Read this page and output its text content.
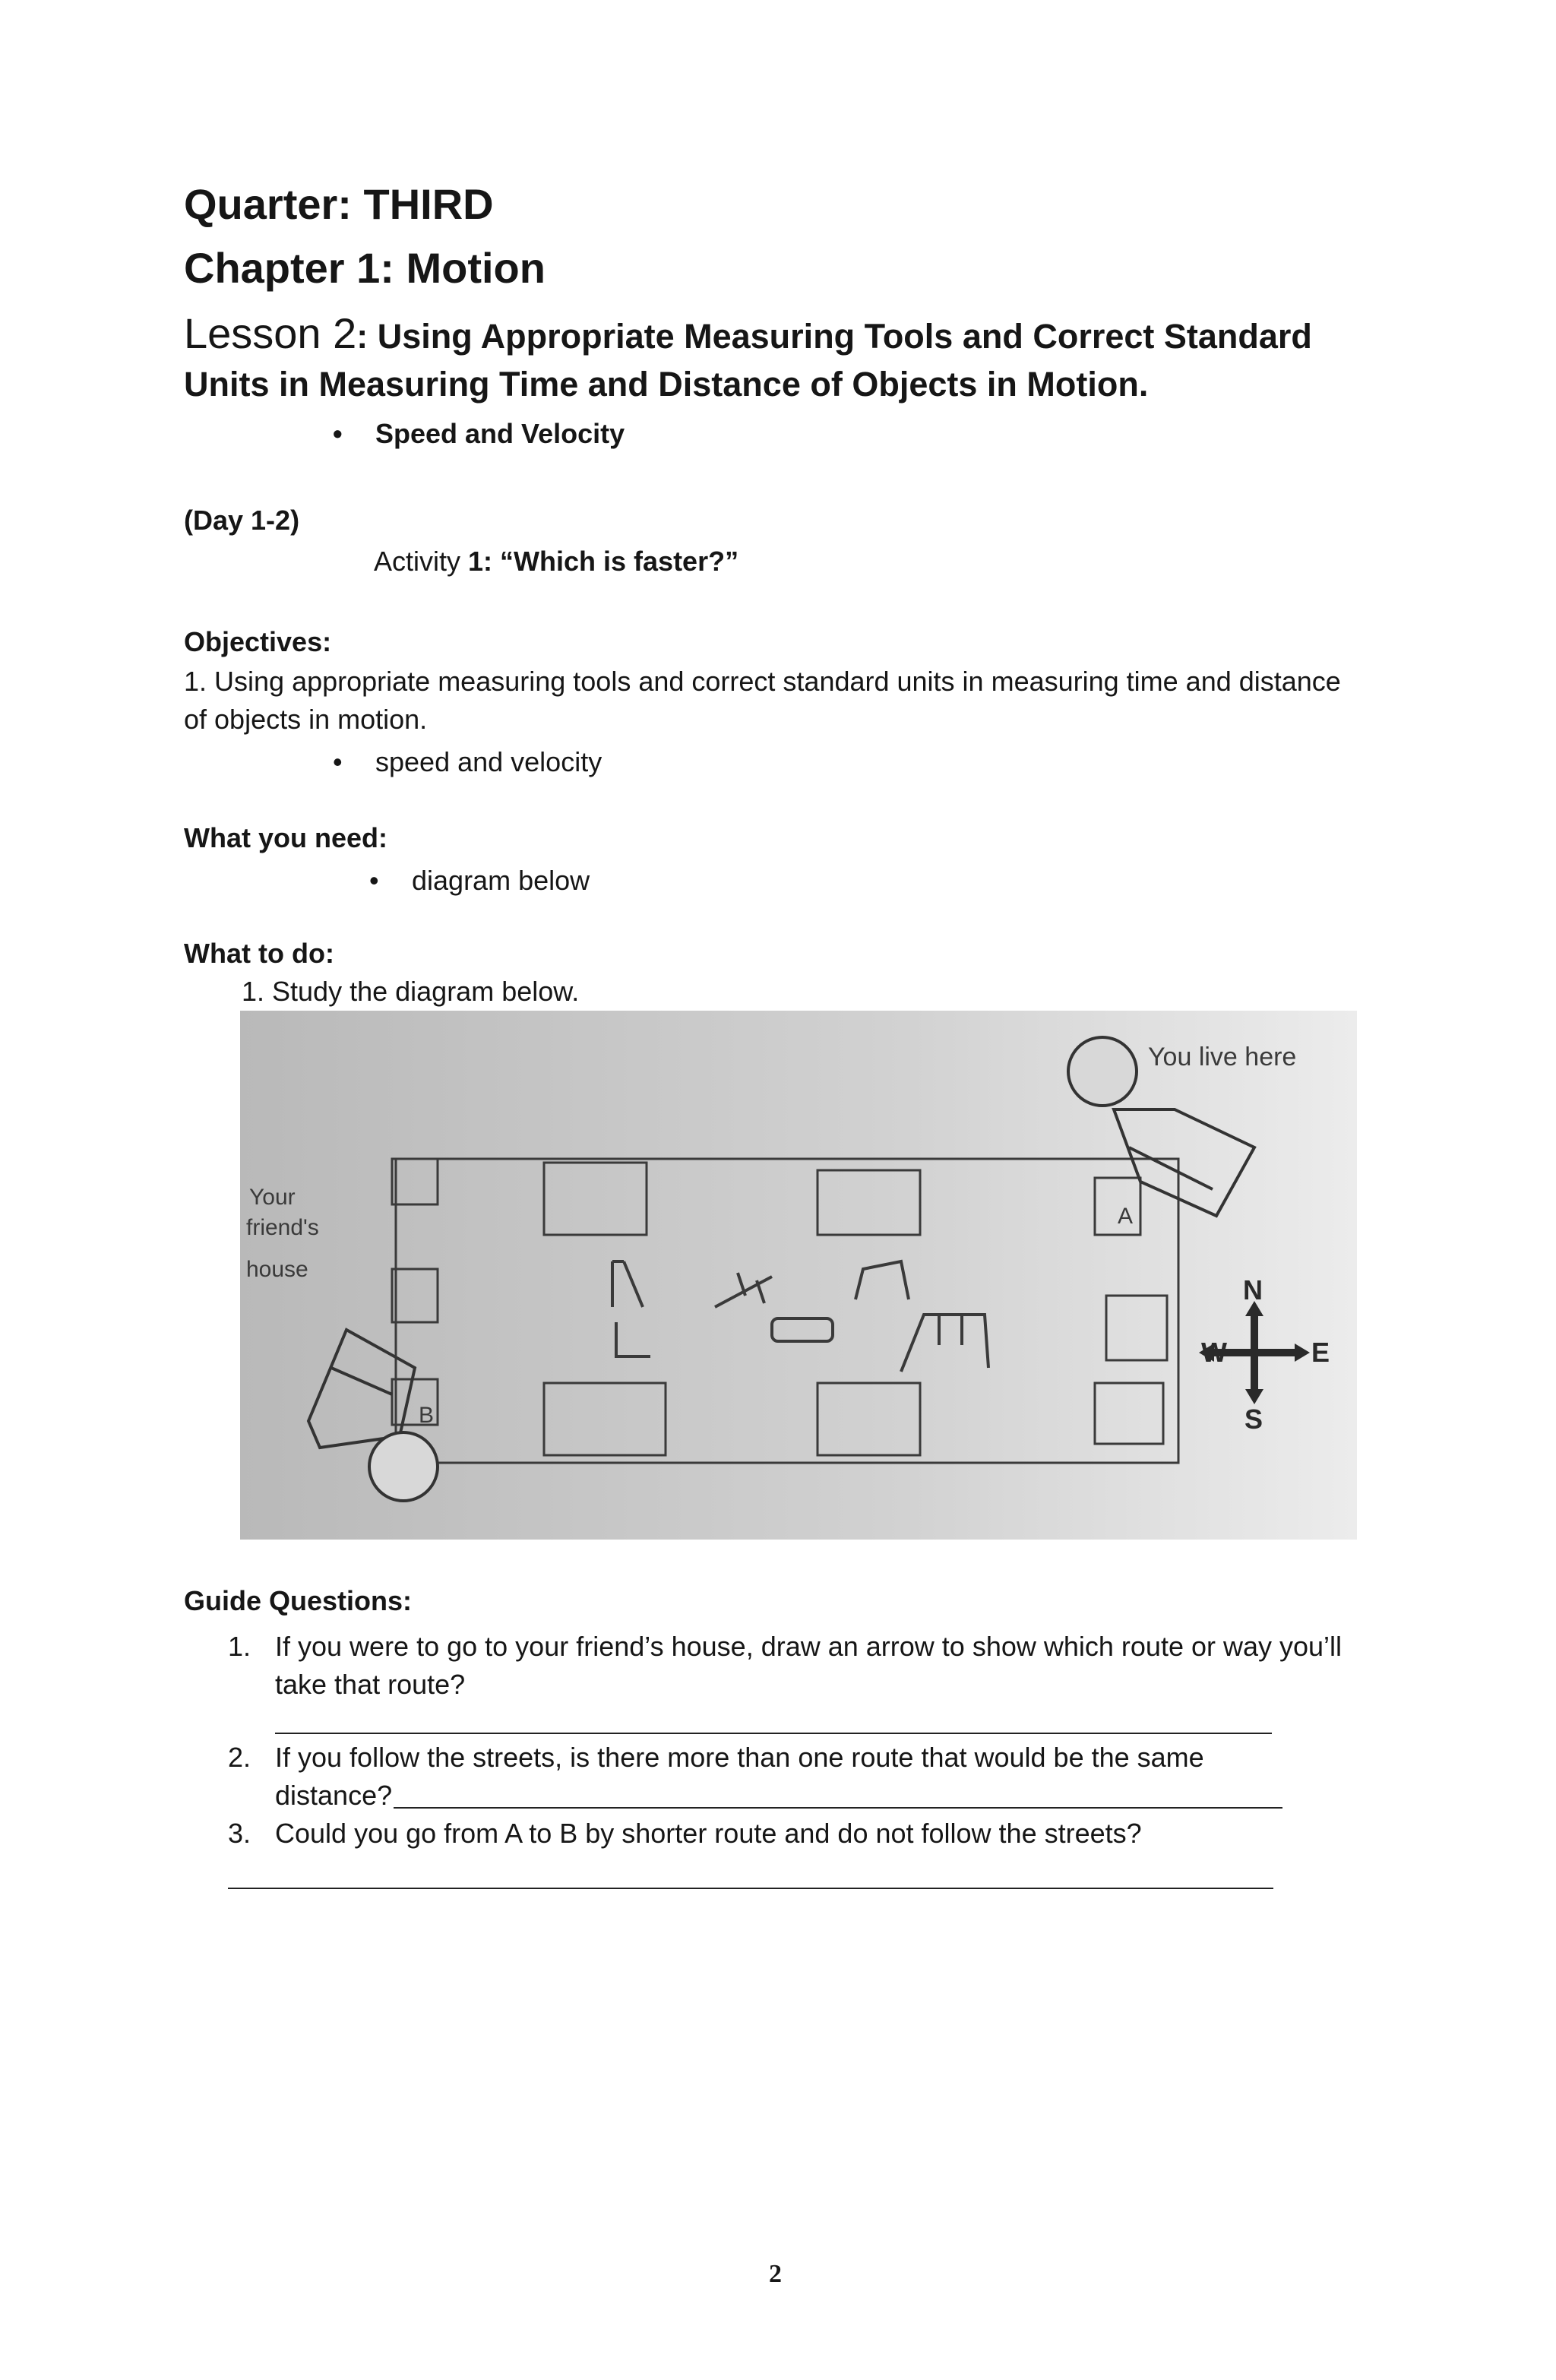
Quarter: THIRD
Chapter 1: Motion
Lesson 2: Using Appropriate Measuring Tools and Correct Standard
Units in Measuring Time and Distance of Objects in Motion.
• Speed and Velocity
(Day 1-2)
Activity 1: “Which is faster?”
Objectives:
1. Using appropriate measuring tools and correct standard units in measuring time and distance
of objects in motion.
• speed and velocity
What you need:
• diagram below
What to do:
1. Study the diagram below.
You live here
Your
friend's
house
A
B
N
S
E
W
Guide Questions:
1. If you were to go to your friend’s house, draw an arrow to show which route or way you’ll
take that route?
2. If you follow the streets, is there more than one route that would be the same
distance?
3. Could you go from A to B by shorter route and do not follow the streets?
2
